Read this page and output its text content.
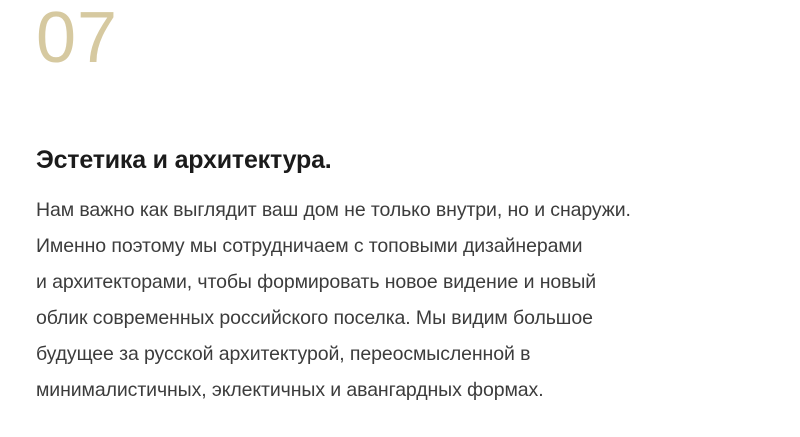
07
Эстетика и архитектура.
Нам важно как выглядит ваш дом не только внутри, но и снаружи.
Именно поэтому мы сотрудничаем с топовыми дизайнерами
и архитекторами, чтобы формировать новое видение и новый
облик современных российского поселка. Мы видим большое
будущее за русской архитектурой, переосмысленной в
минималистичных, эклектичных и авангардных формах.
